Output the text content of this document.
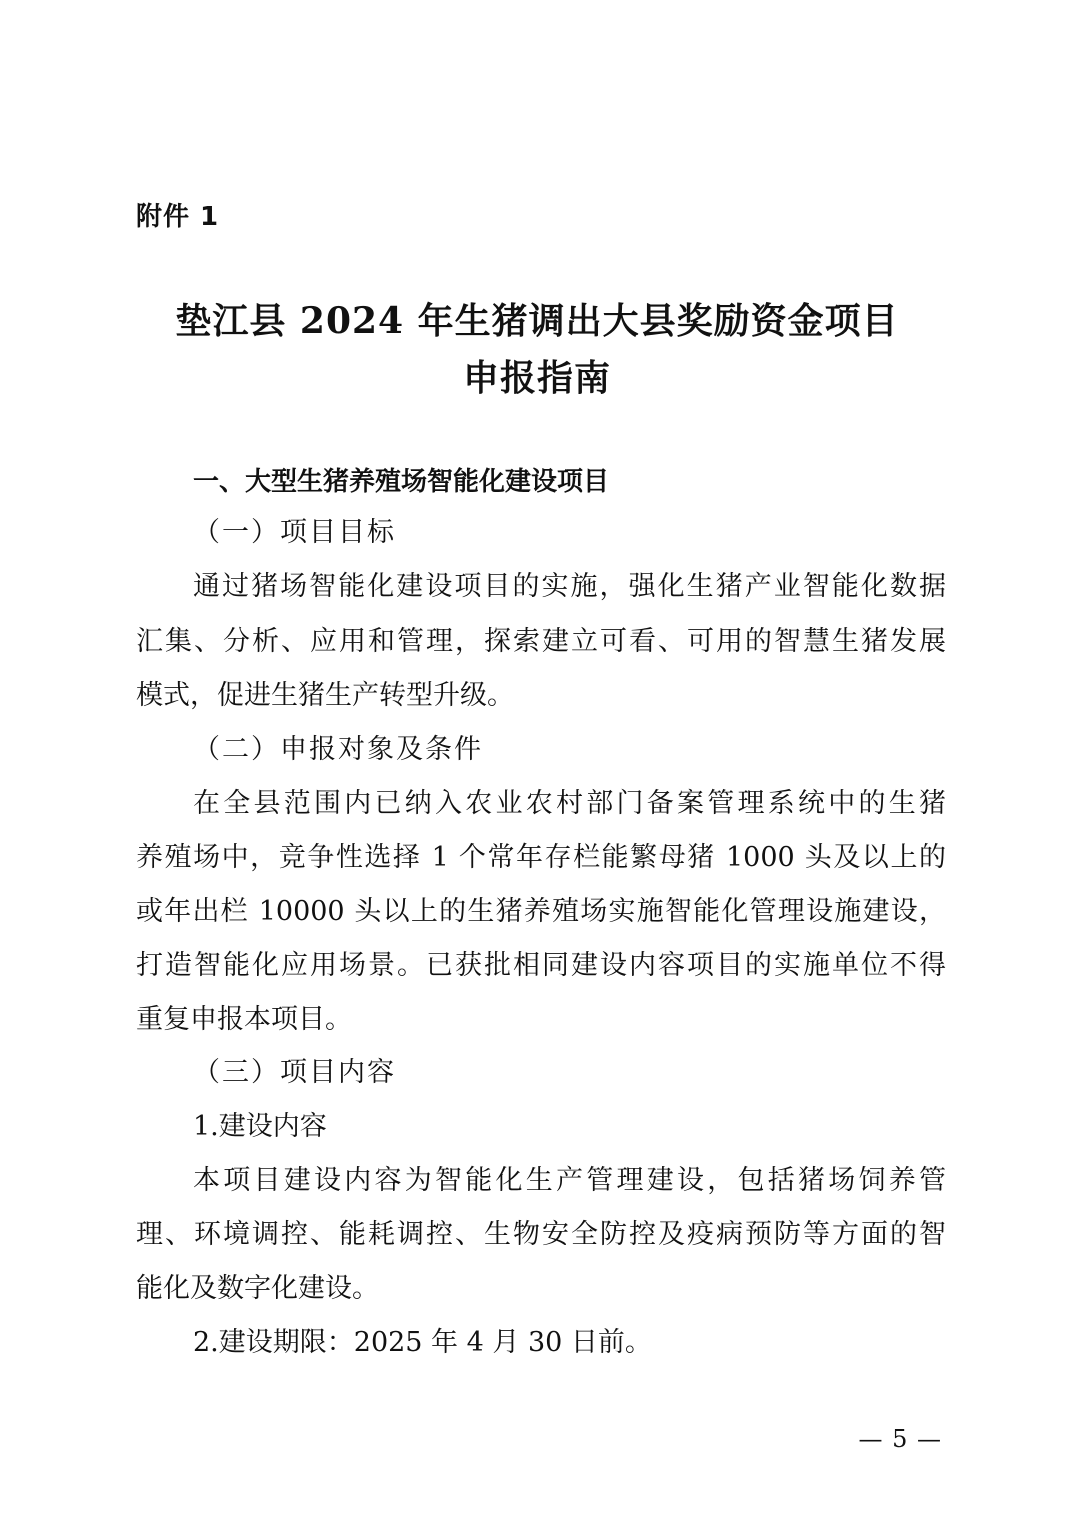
附件 1
垫江县 2024 年生猪调出大县奖励资金项目
申报指南
一、大型生猪养殖场智能化建设项目
（一）项目目标
通过猪场智能化建设项目的实施，强化生猪产业智能化数据
汇集、分析、应用和管理，探索建立可看、可用的智慧生猪发展
模式，促进生猪生产转型升级。
（二）申报对象及条件
在全县范围内已纳入农业农村部门备案管理系统中的生猪
养殖场中，竞争性选择 1 个常年存栏能繁母猪 1000 头及以上的
或年出栏 10000 头以上的生猪养殖场实施智能化管理设施建设，
打造智能化应用场景。已获批相同建设内容项目的实施单位不得
重复申报本项目。
（三）项目内容
1.建设内容
本项目建设内容为智能化生产管理建设，包括猪场饲养管
理、环境调控、能耗调控、生物安全防控及疫病预防等方面的智
能化及数字化建设。
2.建设期限：2025 年 4 月 30 日前。
— 5 —
